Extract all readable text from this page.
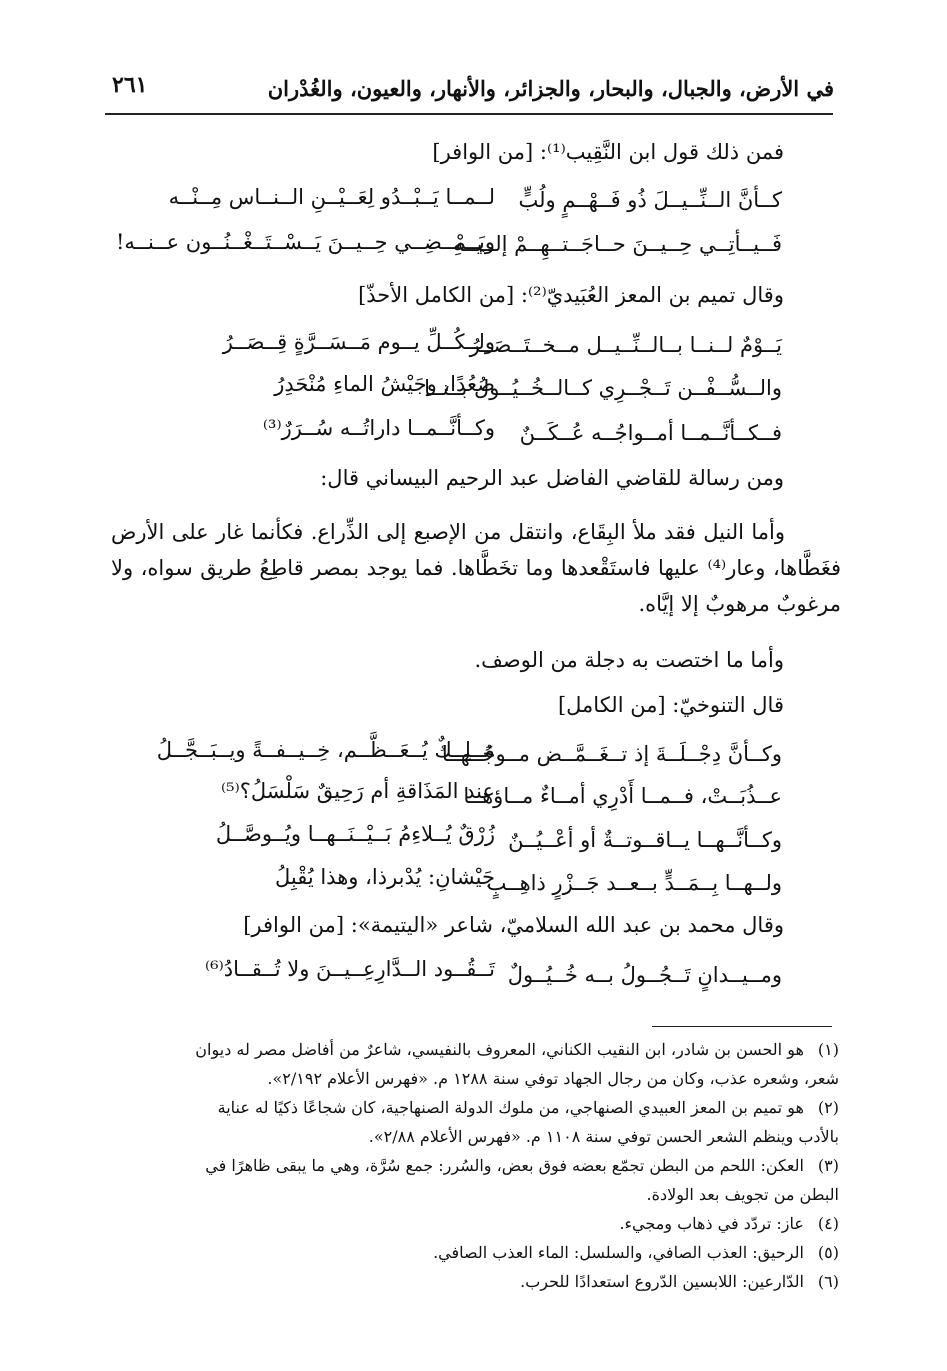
في الأرض، والجبال، والبحار، والجزائر، والأنهار، والعيون، والغُدْران
٢٦١
فمن ذلك قول ابن النَّقِيب⁽¹⁾: [من الوافر]
كــأنَّ الــنِّــيــلَ ذُو فَــهْــمٍ ولُبٍّ
لــمــا يَــبْــدُو لِعَــيْــنِ الــنــاس مِــنْــه
فَــيــأتِــي حِــيــنَ حــاجَــتــهِــمْ إلــيــهِ
ويَــمْــضِــي حِــيــنَ يَــسْــتَــغْــنُــون عــنــه!
وقال تميم بن المعز العُبَيديّ⁽²⁾: [من الكامل الأحذّ]
يَــوْمٌ لــنــا بــالــنِّــيــل مــخــتَــصَــرُ
ولــكُــلِّ يــوم مَــسَــرَّةٍ قِــصَــرُ
والــسُّــفْــن تَــجْــرِي كــالــخُــيُــول بــنــا
صُعُدًا، وجَيْشُ الماءِ مُنْحَدِرُ
فــكــأنَّــمــا أمــواجُــه عُــكَــنٌ
وكــأنَّــمــا داراتُــه سُــرَرٌ⁽³⁾
ومن رسالة للقاضي الفاضل عبد الرحيم البيساني قال:
وأما النيل فقد ملأ البِقَاع، وانتقل من الإصبع إلى الذِّراع. فكأنما غار على الأرض فغَطَّاها، وعار⁽⁴⁾ عليها فاستَقْعدها وما تخَطَّاها. فما يوجد بمصر قاطِعُ طريق سواه، ولا مرغوبٌ مرهوبٌ إلا إيَّاه.
وأما ما اختصت به دجلة من الوصف.
قال التنوخيّ: [من الكامل]
وكــأنَّ دِجْــلَــةَ إذ تــغَــمَّــض مــوجُــهــا
مَــلِــكٌ يُــعَــظَّــم، خِــيــفــةً ويــبَــجَّــلُ
عــذُبَــتْ، فــمــا أَدْرِي أمــاءٌ مــاؤهــا
عند المَذَاقةِ أم رَحِيقٌ سَلْسَلُ؟⁽⁵⁾
وكــأنَّــهــا يــاقــوتــةٌ أو أعْــيُــنٌ
زُرْقٌ يُــلاءِمُ بَــيْــنَــهــا ويُــوصَّــلُ
ولــهــا بِــمَــدٍّ بــعــد جَــزْرٍ ذاهِــبٍ
جَيْشانِ: يُدْبرذا، وهذا يُقْبِلُ
وقال محمد بن عبد الله السلاميّ، شاعر «اليتيمة»: [من الوافر]
ومــيــدانٍ تَــجُــولُ بــه خُــيُــولٌ
تَــقُــود الــدَّارِعِــيــنَ ولا تُــقــادُ⁽⁶⁾
(١) هو الحسن بن شادر، ابن النقيب الكناني، المعروف بالنفيسي، شاعرٌ من أفاضل مصر له ديوان
شعر، وشعره عذب، وكان من رجال الجهاد توفي سنة ١٢٨٨ م. «فهرس الأعلام ٢/١٩٢».
(٢) هو تميم بن المعز العبيدي الصنهاجي، من ملوك الدولة الصنهاجية، كان شجاعًا ذكيًا له عناية
بالأدب وينظم الشعر الحسن توفي سنة ١١٠٨ م. «فهرس الأعلام ٢/٨٨».
(٣) العكن: اللحم من البطن تجمّع بعضه فوق بعض، والسُرر: جمع سُرَّة، وهي ما يبقى ظاهرًا في
البطن من تجويف بعد الولادة.
(٤) عاز: تردّد في ذهاب ومجيء.
(٥) الرحيق: العذب الصافي، والسلسل: الماء العذب الصافي.
(٦) الدّارعين: اللابسين الدّروع استعدادًا للحرب.
